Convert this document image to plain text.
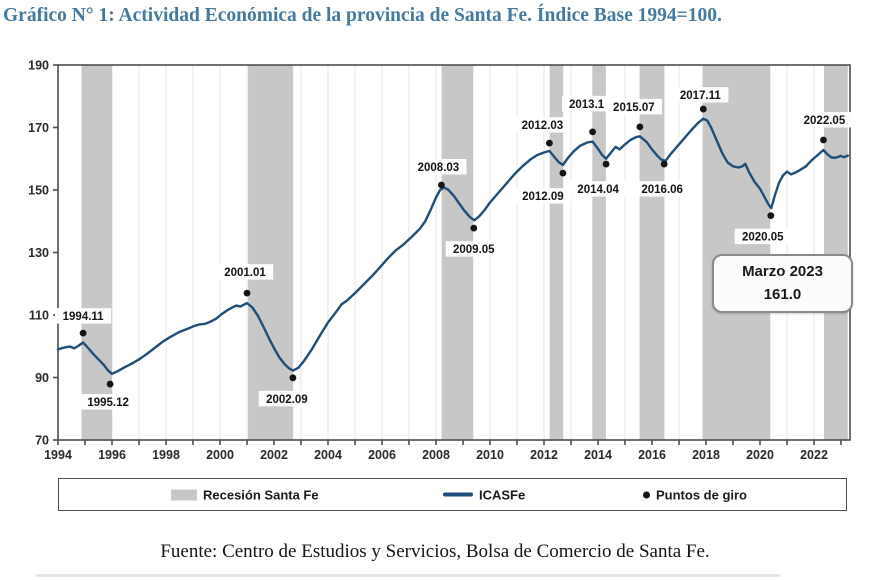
Gráfico N° 1: Actividad Económica de la provincia de Santa Fe. Índice Base 1994=100.
70
90
110
130
150
170
190
1994 1996 1998 2000 2002 2004 2006 2008 2010 2012 2014 2016 2018 2020 2022
1994.11
1995.12
2001.01
2002.09
2008.03
2009.05
2012.03
2012.09
2013.1
2014.04
2015.07
2016.06
2017.11
2020.05
2022.05
Marzo 2023
161.0
Recesión Santa Fe	ICASFe	Puntos de giro
Fuente: Centro de Estudios y Servicios, Bolsa de Comercio de Santa Fe.
